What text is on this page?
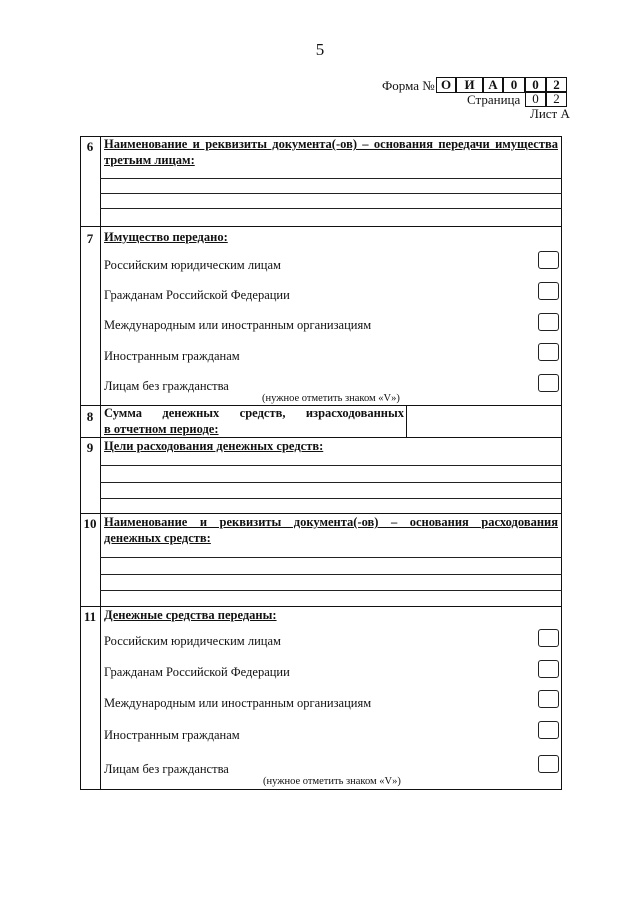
5
Форма № О	И	А	0	0	2
Страница 0	2
Лист А
6 Наименование и реквизиты документа(-ов) – основания передачи имущества
третьим лицам:
7 Имущество передано:
Российским юридическим лицам
Гражданам Российской Федерации
Международным или иностранным организациям
Иностранным гражданам
Лицам без гражданства
(нужное отметить знаком «V»)
8 Сумма денежных средств, израсходованных
в отчетном периоде:
9 Цели расходования денежных средств:
10 Наименование и реквизиты документа(-ов) – основания расходования
денежных средств:
11 Денежные средства переданы:
Российским юридическим лицам
Гражданам Российской Федерации
Международным или иностранным организациям
Иностранным гражданам
Лицам без гражданства
(нужное отметить знаком «V»)
